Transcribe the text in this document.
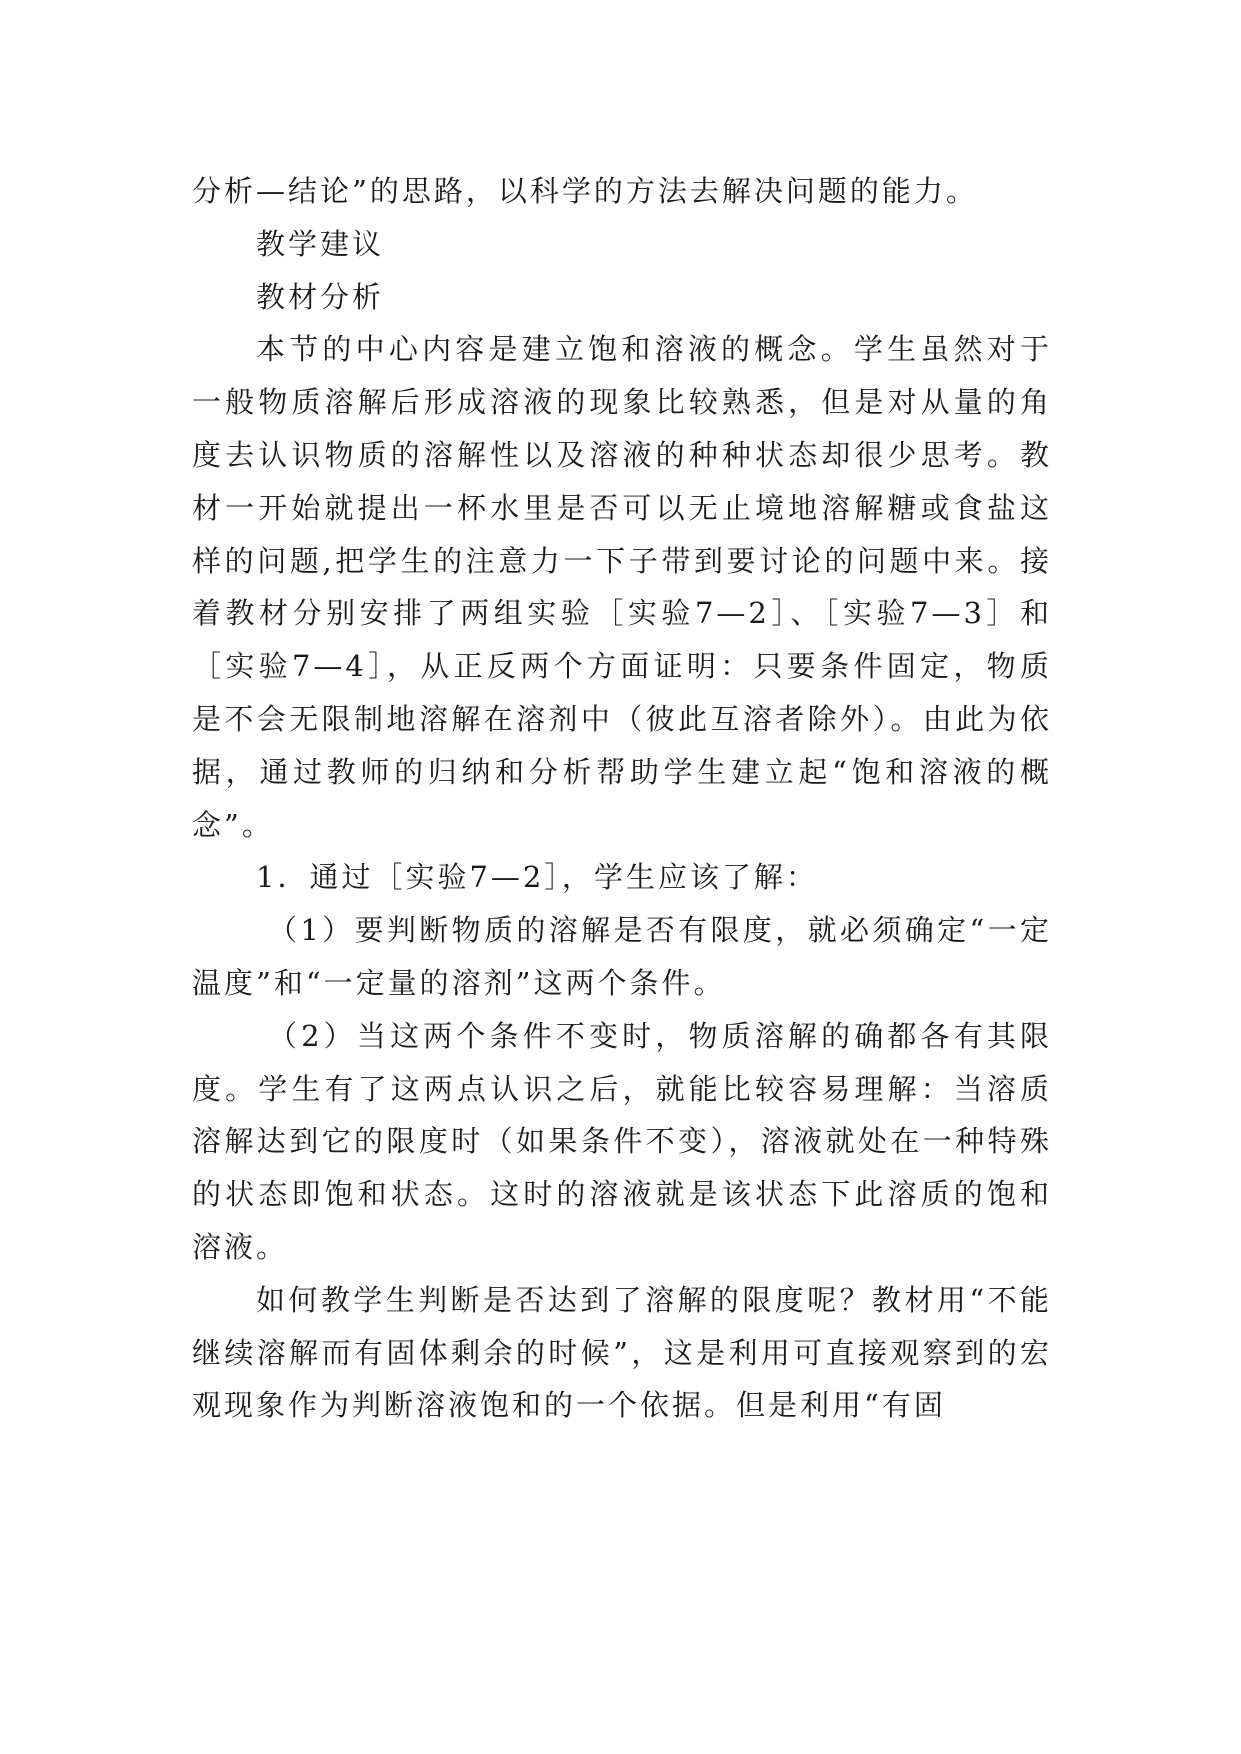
分析—结论”的思路，以科学的方法去解决问题的能力。

教学建议

教材分析

本节的中心内容是建立饱和溶液的概念。学生虽然对于一般物质溶解后形成溶液的现象比较熟悉，但是对从量的角度去认识物质的溶解性以及溶液的种种状态却很少思考。教材一开始就提出一杯水里是否可以无止境地溶解糖或食盐这样的问题,把学生的注意力一下子带到要讨论的问题中来。接着教材分别安排了两组实验［实验7—2］、［实验7—3］和［实验7—4］，从正反两个方面证明：只要条件固定，物质是不会无限制地溶解在溶剂中（彼此互溶者除外）。由此为依据，通过教师的归纳和分析帮助学生建立起“饱和溶液的概念”。

1．通过［实验7—2］，学生应该了解：

（1）要判断物质的溶解是否有限度，就必须确定“一定温度”和“一定量的溶剂”这两个条件。

（2）当这两个条件不变时，物质溶解的确都各有其限度。学生有了这两点认识之后，就能比较容易理解：当溶质溶解达到它的限度时（如果条件不变），溶液就处在一种特殊的状态即饱和状态。这时的溶液就是该状态下此溶质的饱和溶液。

如何教学生判断是否达到了溶解的限度呢？教材用“不能继续溶解而有固体剩余的时候”，这是利用可直接观察到的宏观现象作为判断溶液饱和的一个依据。但是利用“有固
